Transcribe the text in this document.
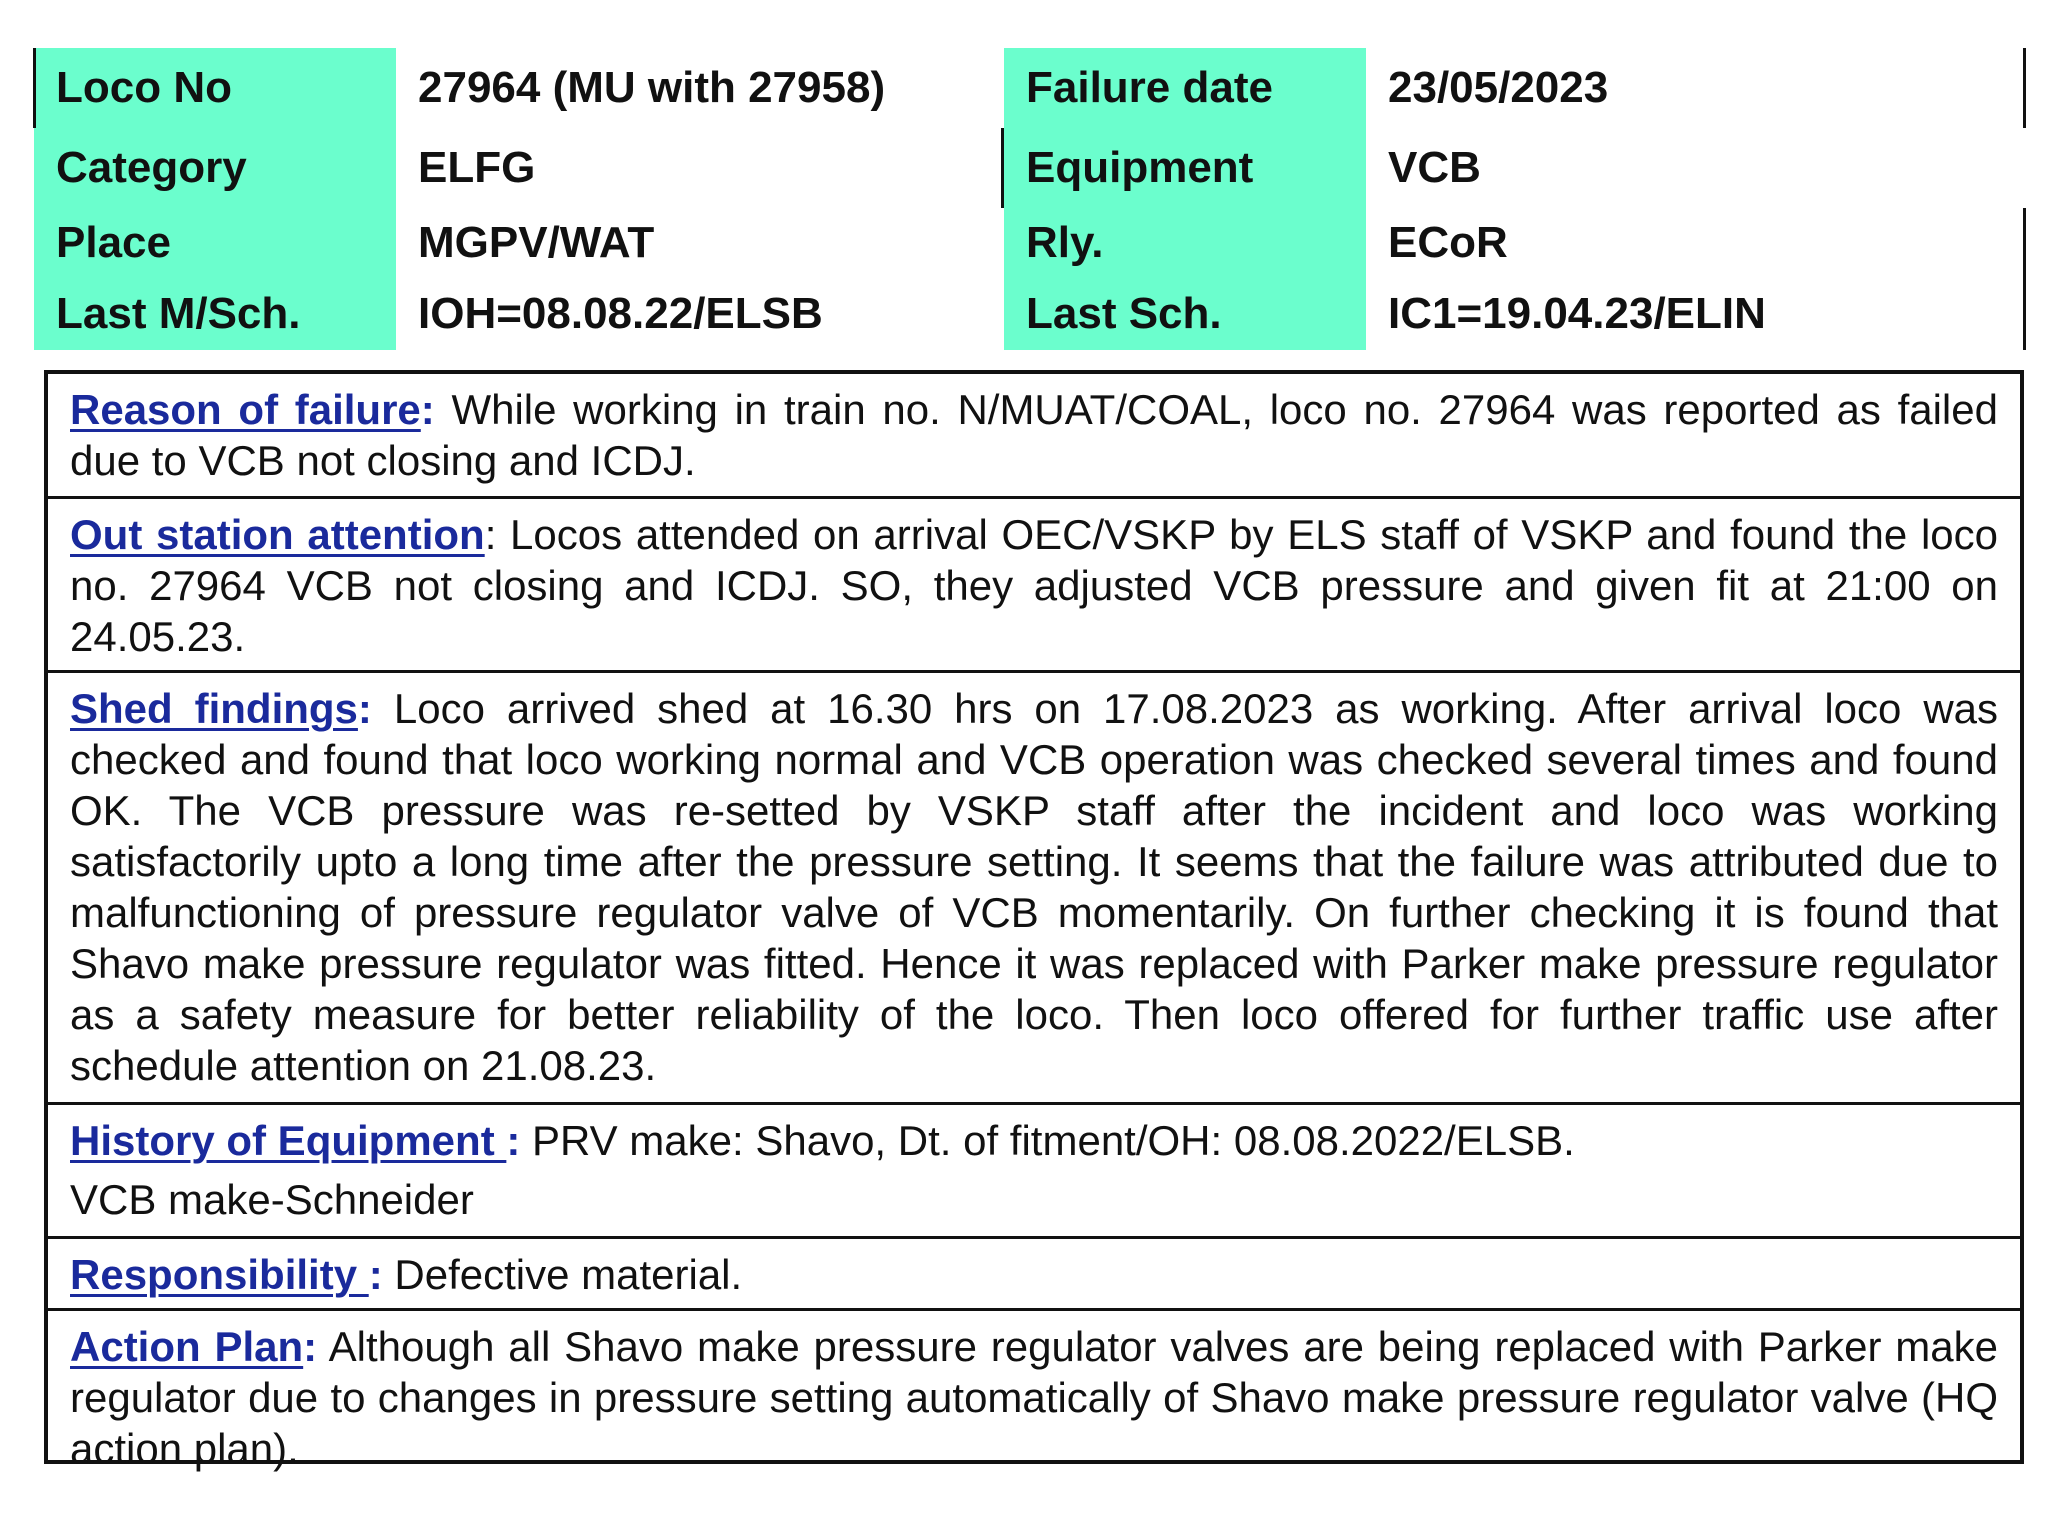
Loco No	27964 (MU with 27958)	Failure date	23/05/2023
Category	ELFG	Equipment	VCB
Place	MGPV/WAT	Rly.	ECoR
Last M/Sch.	IOH=08.08.22/ELSB	Last Sch.	IC1=19.04.23/ELIN

Reason of failure: While working in train no. N/MUAT/COAL, loco no. 27964 was reported as failed due to VCB not closing and ICDJ.

Out station attention: Locos attended on arrival OEC/VSKP by ELS staff of VSKP and found the loco no. 27964 VCB not closing and ICDJ. SO, they adjusted VCB pressure and given fit at 21:00 on 24.05.23.

Shed findings: Loco arrived shed at 16.30 hrs on 17.08.2023 as working. After arrival loco was checked and found that loco working normal and VCB operation was checked several times and found OK. The VCB pressure was re-setted by VSKP staff after the incident and loco was working satisfactorily upto a long time after the pressure setting. It seems that the failure was attributed due to malfunctioning of pressure regulator valve of VCB momentarily. On further checking it is found that Shavo make pressure regulator was fitted. Hence it was replaced with Parker make pressure regulator as a safety measure for better reliability of the loco. Then loco offered for further traffic use after schedule attention on 21.08.23.

History of Equipment : PRV make: Shavo, Dt. of fitment/OH: 08.08.2022/ELSB.

VCB make-Schneider

Responsibility : Defective material.

Action Plan: Although all Shavo make pressure regulator valves are being replaced with Parker make regulator due to changes in pressure setting automatically of Shavo make pressure regulator valve (HQ action plan).
